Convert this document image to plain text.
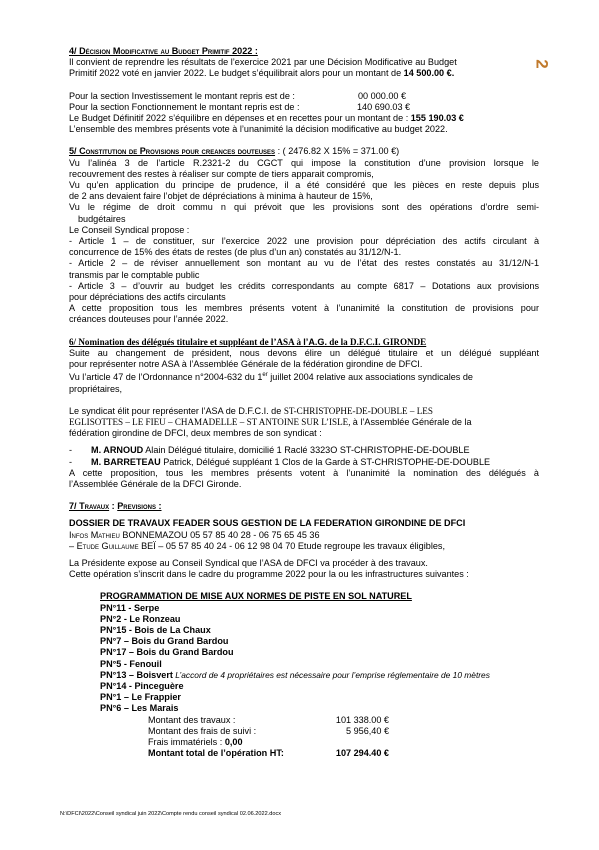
2
4/ Décision Modificative au Budget Primitif 2022 :
Il convient de reprendre les résultats de l’exercice 2021 par une Décision Modificative au Budget
Primitif 2022 voté en janvier 2022. Le budget s’équilibrait alors pour un montant de 14 500.00 €.
Pour la section Investissement le montant repris est de :	00 000.00 €
Pour la section Fonctionnement le montant repris est de :	140 690.03 €
Le Budget Définitif 2022 s’équilibre en dépenses et en recettes pour un montant de : 155 190.03 €
L’ensemble des membres présents vote à l’unanimité la décision modificative au budget 2022.
5/ Constitution de Provisions pour creances douteuses : ( 2476.82 X 15% = 371.00 €)
Vu l’alinéa 3 de l’article R.2321-2 du CGCT qui impose la constitution d’une provision lorsque le
recouvrement des restes à réaliser sur compte de tiers apparait compromis,
Vu qu’en application du principe de prudence, il a été considéré que les pièces en reste depuis plus
de 2 ans devaient faire l’objet de dépréciations à minima à hauteur de 15%,
Vu le régime de droit commu n qui prévoit que les provisions sont des opérations d’ordre semi-
budgétaires
Le Conseil Syndical propose :
- Article 1 – de constituer, sur l’exercice 2022 une provision pour dépréciation des actifs circulant à
concurrence de 15% des états de restes (de plus d’un an) constatés au 31/12/N-1.
- Article 2 – de réviser annuellement son montant au vu de l’état des restes constatés au 31/12/N-1
transmis par le comptable public
- Article 3 – d’ouvrir au budget les crédits correspondants au compte 6817 – Dotations aux provisions
pour dépréciations des actifs circulants
A cette proposition tous les membres présents votent à l’unanimité la constitution de provisions pour
créances douteuses pour l’année 2022.
6/ Nomination des délégués titulaire et suppléant de l’ASA à l’A.G. de la D.F.C.I. GIRONDE
Suite au changement de président, nous devons élire un délégué titulaire et un délégué suppléant
pour représenter notre ASA à l’Assemblée Générale de la fédération girondine de DFCI.
Vu l’article 47 de l’Ordonnance n°2004-632 du 1er juillet 2004 relative aux associations syndicales de
propriétaires,
Le syndicat élit pour représenter l’ASA de D.F.C.I. de ST-CHRISTOPHE-DE-DOUBLE – LES
EGLISOTTES – LE FIEU – CHAMADELLE – ST ANTOINE SUR L’ISLE, à l’Assemblée Générale de la
fédération girondine de DFCI, deux membres de son syndicat :
- M. ARNOUD Alain Délégué titulaire, domicilié 1 Raclé 3323O ST-CHRISTOPHE-DE-DOUBLE
- M. BARRETEAU Patrick, Délégué suppléant 1 Clos de la Garde à ST-CHRISTOPHE-DE-DOUBLE
A cette proposition, tous les membres présents votent à l’unanimité la nomination des délégués à
l’Assemblée Générale de la DFCI Gironde.
7/ Travaux : Previsions :
DOSSIER DE TRAVAUX FEADER SOUS GESTION DE LA FEDERATION GIRONDINE DE DFCI
Infos Mathieu BONNEMAZOU 05 57 85 40 28 - 06 75 65 45 36
– Etude Guillaume BEÏ – 05 57 85 40 24 - 06 12 98 04 70 Etude regroupe les travaux éligibles,
La Présidente expose au Conseil Syndical que l’ASA de DFCI va procéder à des travaux.
Cette opération s’inscrit dans le cadre du programme 2022 pour la ou les infrastructures suivantes :
PROGRAMMATION DE MISE AUX NORMES DE PISTE EN SOL NATUREL
PN°11 - Serpe
PN°2 - Le Ronzeau
PN°15 - Bois de La Chaux
PN°7 – Bois du Grand Bardou
PN°17 – Bois du Grand Bardou
PN°5 - Fenouil
PN°13 – Boisvert L’accord de 4 propriétaires est nécessaire pour l’emprise réglementaire de 10 mètres
PN°14 - Pinceguère
PN°1 – Le Frappier
PN°6 – Les Marais
Montant des travaux :	101 338.00 €
Montant des frais de suivi :	5 956,40 €
Frais immatériels : 0,00
Montant total de l’opération HT:	107 294.40 €
N:\DFCI\2022\Conseil syndical juin 2022\Compte rendu conseil syndical 02.06.2022.docx
